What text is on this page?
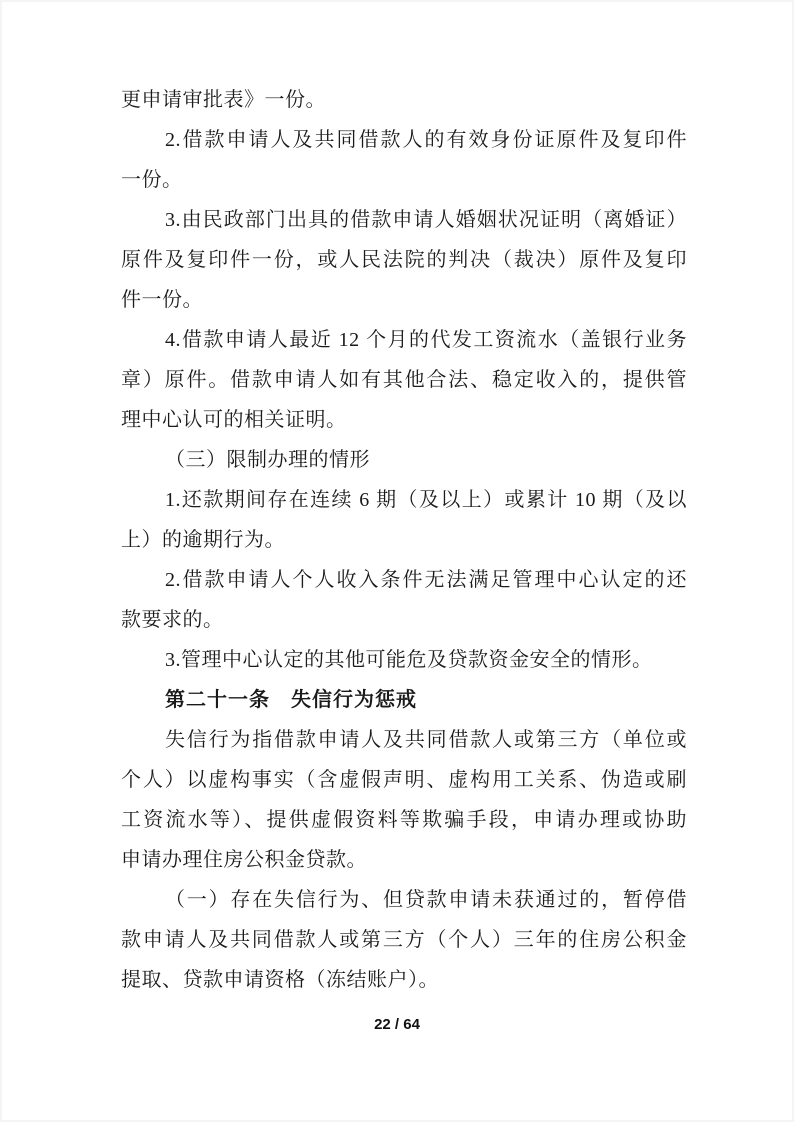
更申请审批表》一份。
2.借款申请人及共同借款人的有效身份证原件及复印件
一份。
3.由民政部门出具的借款申请人婚姻状况证明（离婚证）
原件及复印件一份，或人民法院的判决（裁决）原件及复印
件一份。
4.借款申请人最近 12 个月的代发工资流水（盖银行业务
章）原件。借款申请人如有其他合法、稳定收入的，提供管
理中心认可的相关证明。
（三）限制办理的情形
1.还款期间存在连续 6 期（及以上）或累计 10 期（及以
上）的逾期行为。
2.借款申请人个人收入条件无法满足管理中心认定的还
款要求的。
3.管理中心认定的其他可能危及贷款资金安全的情形。
第二十一条　失信行为惩戒
失信行为指借款申请人及共同借款人或第三方（单位或
个人）以虚构事实（含虚假声明、虚构用工关系、伪造或刷
工资流水等）、提供虚假资料等欺骗手段，申请办理或协助
申请办理住房公积金贷款。
（一）存在失信行为、但贷款申请未获通过的，暂停借
款申请人及共同借款人或第三方（个人）三年的住房公积金
提取、贷款申请资格（冻结账户）。
22 / 64
